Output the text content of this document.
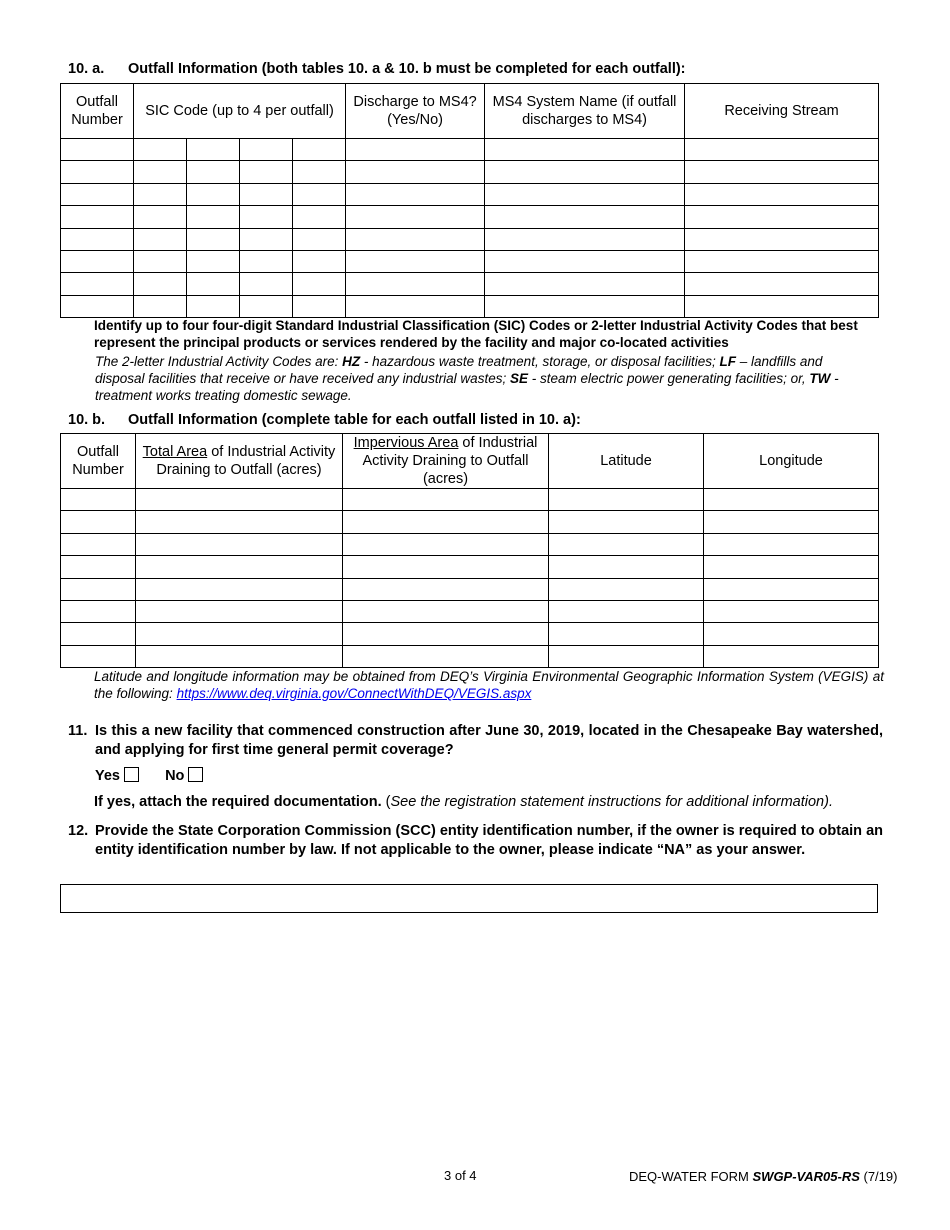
10. a. Outfall Information (both tables 10. a & 10. b must be completed for each outfall):
Outfall Number	SIC Code (up to 4 per outfall)				Discharge to MS4? (Yes/No)	MS4 System Name (if outfall discharges to MS4)	Receiving Stream

Identify up to four four-digit Standard Industrial Classification (SIC) Codes or 2-letter Industrial Activity Codes that best represent the principal products or services rendered by the facility and major co-located activities
The 2-letter Industrial Activity Codes are: HZ - hazardous waste treatment, storage, or disposal facilities; LF – landfills and disposal facilities that receive or have received any industrial wastes; SE - steam electric power generating facilities; or, TW - treatment works treating domestic sewage.
10. b. Outfall Information (complete table for each outfall listed in 10. a):
Outfall Number	Total Area of Industrial Activity Draining to Outfall (acres)	Impervious Area of Industrial Activity Draining to Outfall (acres)	Latitude	Longitude

Latitude and longitude information may be obtained from DEQ’s Virginia Environmental Geographic Information System (VEGIS) at the following: https://www.deq.virginia.gov/ConnectWithDEQ/VEGIS.aspx
11. Is this a new facility that commenced construction after June 30, 2019, located in the Chesapeake Bay watershed, and applying for first time general permit coverage?
Yes	No
If yes, attach the required documentation. (See the registration statement instructions for additional information).
12. Provide the State Corporation Commission (SCC) entity identification number, if the owner is required to obtain an entity identification number by law. If not applicable to the owner, please indicate “NA” as your answer.
3 of 4	DEQ-WATER FORM SWGP-VAR05-RS (7/19)
